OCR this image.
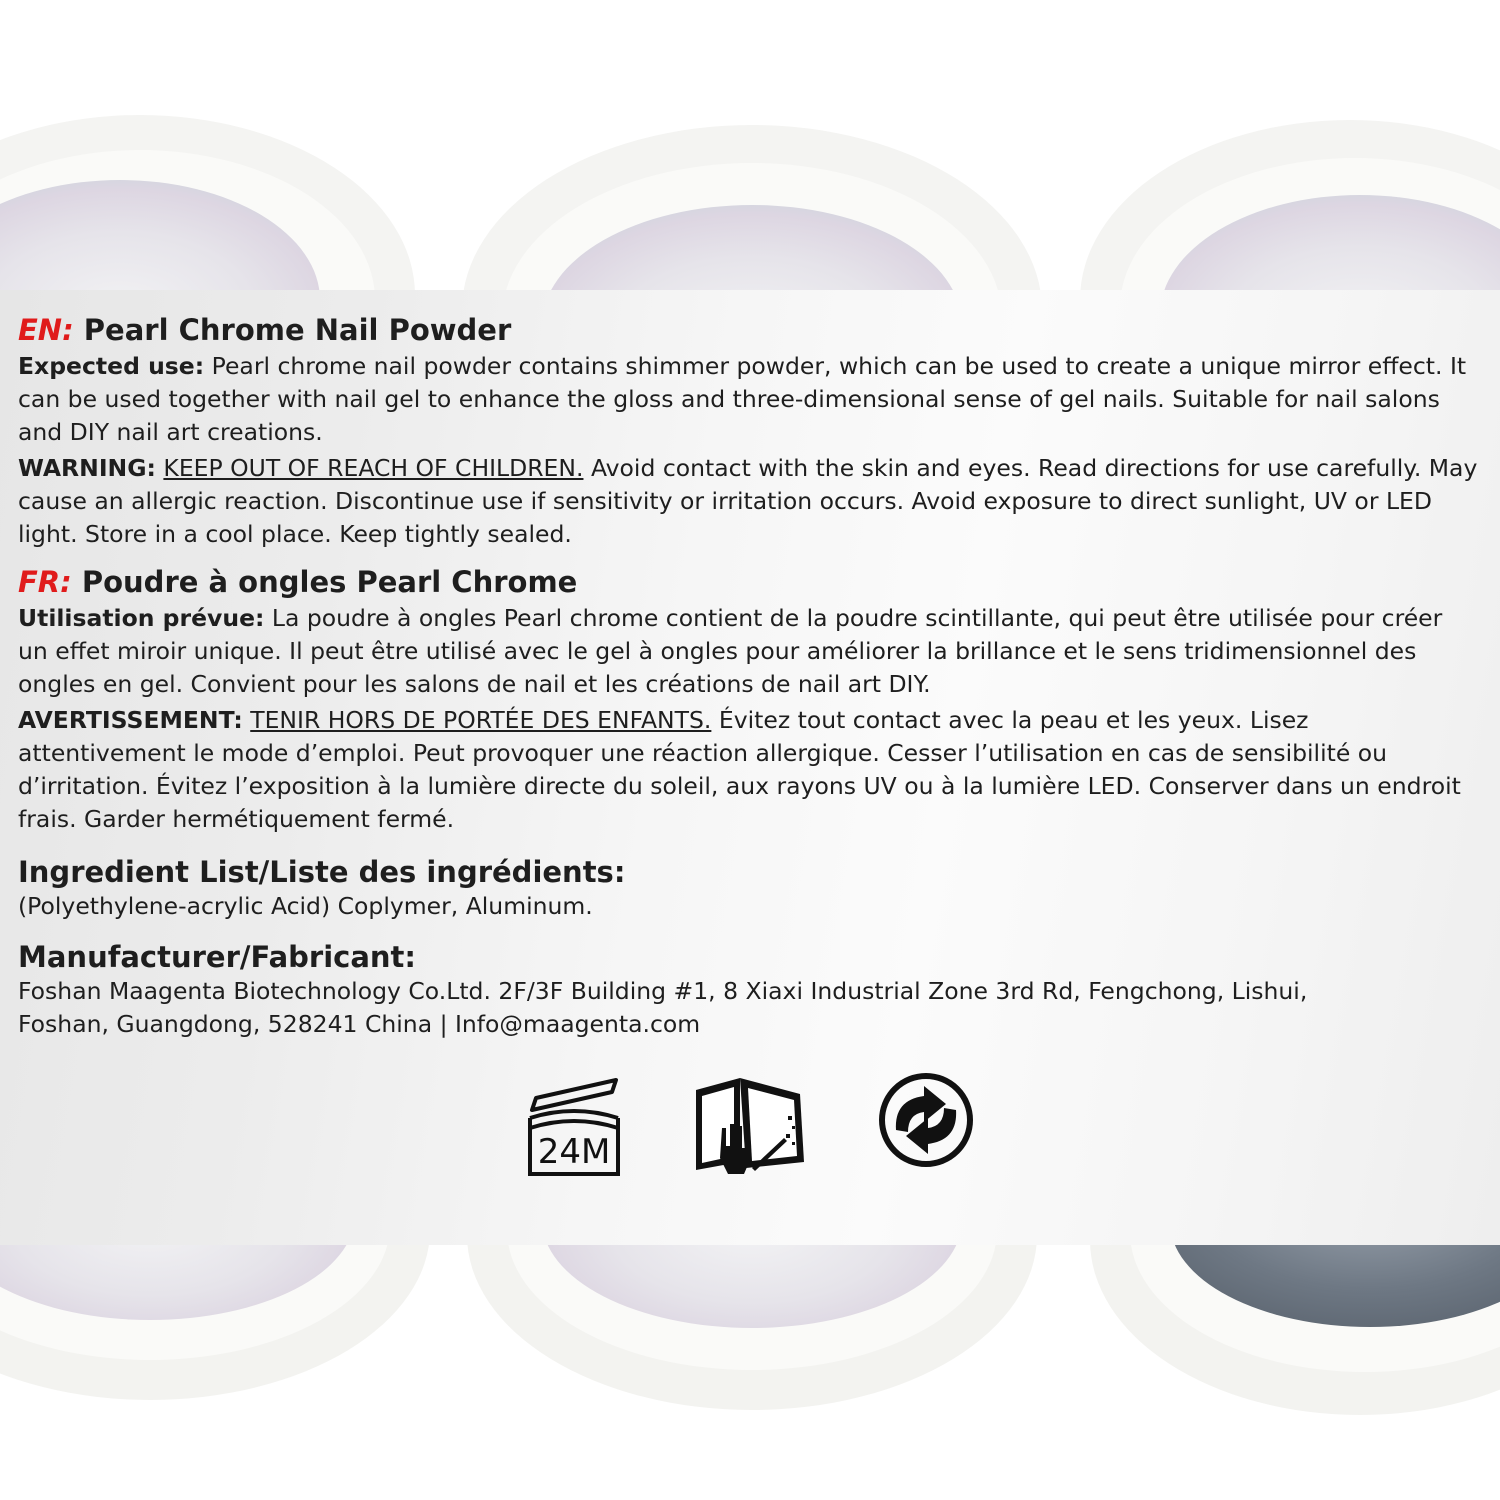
EN: Pearl Chrome Nail Powder

Expected use: Pearl chrome nail powder contains shimmer powder, which can be used to create a unique mirror effect. It can be used together with nail gel to enhance the gloss and three-dimensional sense of gel nails. Suitable for nail salons and DIY nail art creations.

WARNING: KEEP OUT OF REACH OF CHILDREN. Avoid contact with the skin and eyes. Read directions for use carefully. May cause an allergic reaction. Discontinue use if sensitivity or irritation occurs. Avoid exposure to direct sunlight, UV or LED light. Store in a cool place. Keep tightly sealed.

FR: Poudre à ongles Pearl Chrome

Utilisation prévue: La poudre à ongles Pearl chrome contient de la poudre scintillante, qui peut être utilisée pour créer un effet miroir unique. Il peut être utilisé avec le gel à ongles pour améliorer la brillance et le sens tridimensionnel des ongles en gel. Convient pour les salons de nail et les créations de nail art DIY.

AVERTISSEMENT: TENIR HORS DE PORTÉE DES ENFANTS. Évitez tout contact avec la peau et les yeux. Lisez attentivement le mode d’emploi. Peut provoquer une réaction allergique. Cesser l’utilisation en cas de sensibilité ou d’irritation. Évitez l’exposition à la lumière directe du soleil, aux rayons UV ou à la lumière LED. Conserver dans un endroit frais. Garder hermétiquement fermé.

Ingredient List/Liste des ingrédients:

(Polyethylene-acrylic Acid) Coplymer, Aluminum.

Manufacturer/Fabricant:

Foshan Maagenta Biotechnology Co.Ltd. 2F/3F Building #1, 8 Xiaxi Industrial Zone 3rd Rd, Fengchong, Lishui,

Foshan, Guangdong, 528241 China | Info@maagenta.com

24M
